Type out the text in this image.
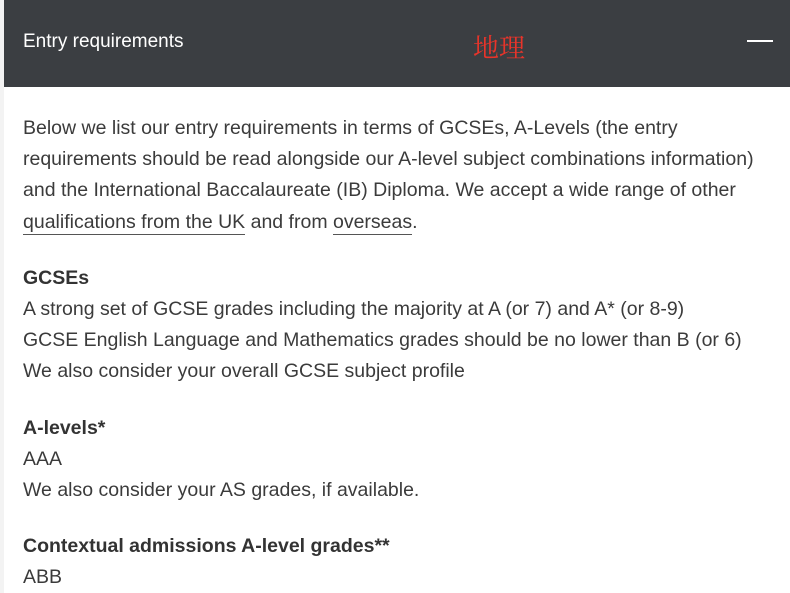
Entry requirements	地理

Below we list our entry requirements in terms of GCSEs, A-Levels (the entry requirements should be read alongside our A-level subject combinations information) and the International Baccalaureate (IB) Diploma. We accept a wide range of other qualifications from the UK and from overseas.

GCSEs

A strong set of GCSE grades including the majority at A (or 7) and A* (or 8-9)

GCSE English Language and Mathematics grades should be no lower than B (or 6)

We also consider your overall GCSE subject profile

A-levels*

AAA

We also consider your AS grades, if available.

Contextual admissions A-level grades**

ABB
